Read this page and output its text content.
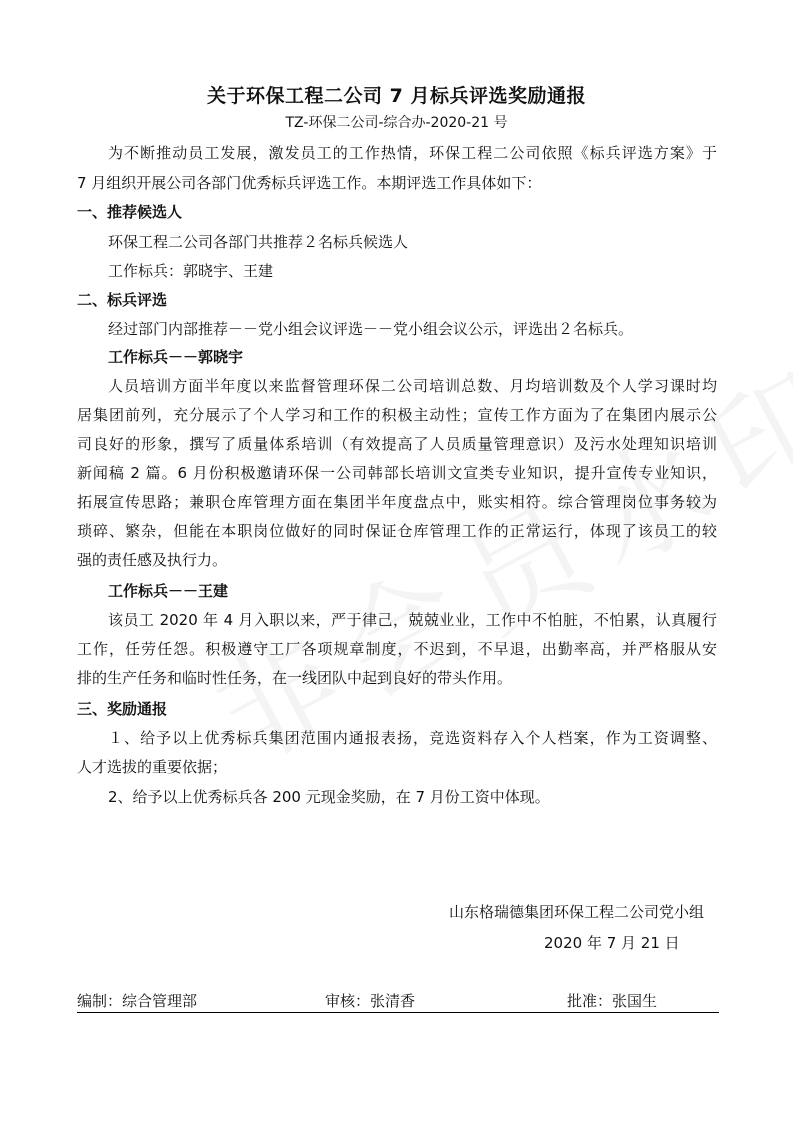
关于环保工程二公司 7 月标兵评选奖励通报
TZ-环保二公司-综合办-2020-21 号
为不断推动员工发展，激发员工的工作热情，环保工程二公司依照《标兵评选方案》于
7 月组织开展公司各部门优秀标兵评选工作。本期评选工作具体如下：
一、推荐候选人
环保工程二公司各部门共推荐２名标兵候选人
工作标兵：郭晓宇、王建
二、标兵评选
经过部门内部推荐－－党小组会议评选－－党小组会议公示，评选出２名标兵。
工作标兵－－郭晓宇
人员培训方面半年度以来监督管理环保二公司培训总数、月均培训数及个人学习课时均
居集团前列，充分展示了个人学习和工作的积极主动性；宣传工作方面为了在集团内展示公
司良好的形象，撰写了质量体系培训（有效提高了人员质量管理意识）及污水处理知识培训
新闻稿 2 篇。6 月份积极邀请环保一公司韩部长培训文宣类专业知识，提升宣传专业知识，
拓展宣传思路；兼职仓库管理方面在集团半年度盘点中，账实相符。综合管理岗位事务较为
琐碎、繁杂，但能在本职岗位做好的同时保证仓库管理工作的正常运行，体现了该员工的较
强的责任感及执行力。
工作标兵－－王建
该员工 2020 年 4 月入职以来，严于律己，兢兢业业，工作中不怕脏，不怕累，认真履行
工作，任劳任怨。积极遵守工厂各项规章制度，不迟到，不早退，出勤率高，并严格服从安
排的生产任务和临时性任务，在一线团队中起到良好的带头作用。
三、奖励通报
１、给予以上优秀标兵集团范围内通报表扬，竞选资料存入个人档案，作为工资调整、
人才选拔的重要依据；
2、给予以上优秀标兵各 200 元现金奖励，在 7 月份工资中体现。
山东格瑞德集团环保工程二公司党小组
2020 年 7 月 21 日
编制：综合管理部	审核：张清香	批准：张国生
